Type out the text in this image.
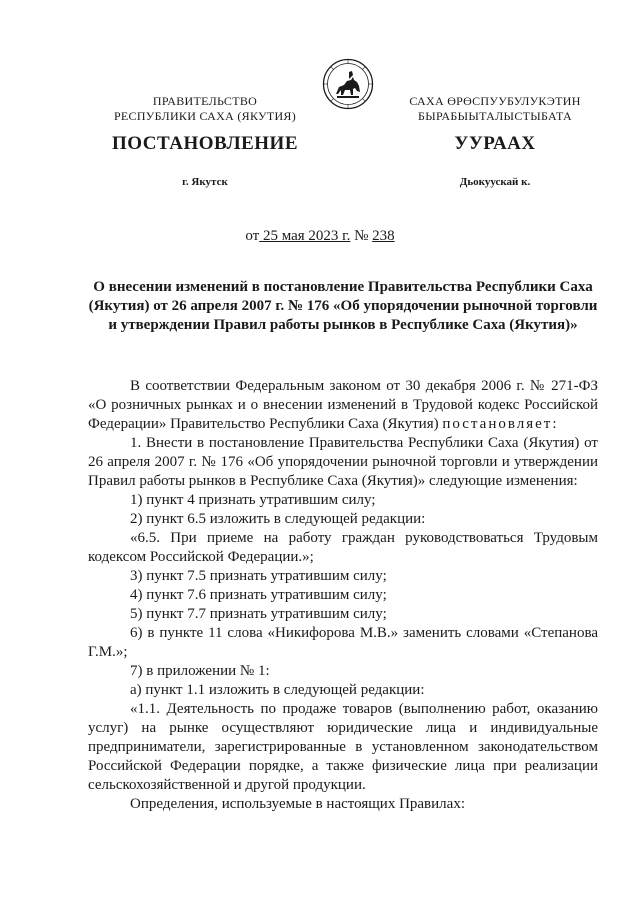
ПРАВИТЕЛЬСТВО
РЕСПУБЛИКИ САХА (ЯКУТИЯ)
САХА ӨРӨСПУУБУЛУКЭТИН
БЫРАБЫЫТАЛЫСТЫБАТА
ПОСТАНОВЛЕНИЕ	УУРААХ
г. Якутск	Дьокуускай к.
от 25 мая 2023 г. № 238
О внесении изменений в постановление Правительства Республики Саха (Якутия) от 26 апреля 2007 г. № 176 «Об упорядочении рыночной торговли и утверждении Правил работы рынков в Республике Саха (Якутия)»

В соответствии Федеральным законом от 30 декабря 2006 г. № 271-ФЗ «О розничных рынках и о внесении изменений в Трудовой кодекс Российской Федерации» Правительство Республики Саха (Якутия) постановляет:

1. Внести в постановление Правительства Республики Саха (Якутия) от 26 апреля 2007 г. № 176 «Об упорядочении рыночной торговли и утверждении Правил работы рынков в Республике Саха (Якутия)» следующие изменения:

1) пункт 4 признать утратившим силу;

2) пункт 6.5 изложить в следующей редакции:

«6.5. При приеме на работу граждан руководствоваться Трудовым кодексом Российской Федерации.»;

3) пункт 7.5 признать утратившим силу;

4) пункт 7.6 признать утратившим силу;

5) пункт 7.7 признать утратившим силу;

6) в пункте 11 слова «Никифорова М.В.» заменить словами «Степанова Г.М.»;

7) в приложении № 1:

а) пункт 1.1 изложить в следующей редакции:

«1.1. Деятельность по продаже товаров (выполнению работ, оказанию услуг) на рынке осуществляют юридические лица и индивидуальные предприниматели, зарегистрированные в установленном законодательством Российской Федерации порядке, а также физические лица при реализации сельскохозяйственной и другой продукции.

Определения, используемые в настоящих Правилах:
